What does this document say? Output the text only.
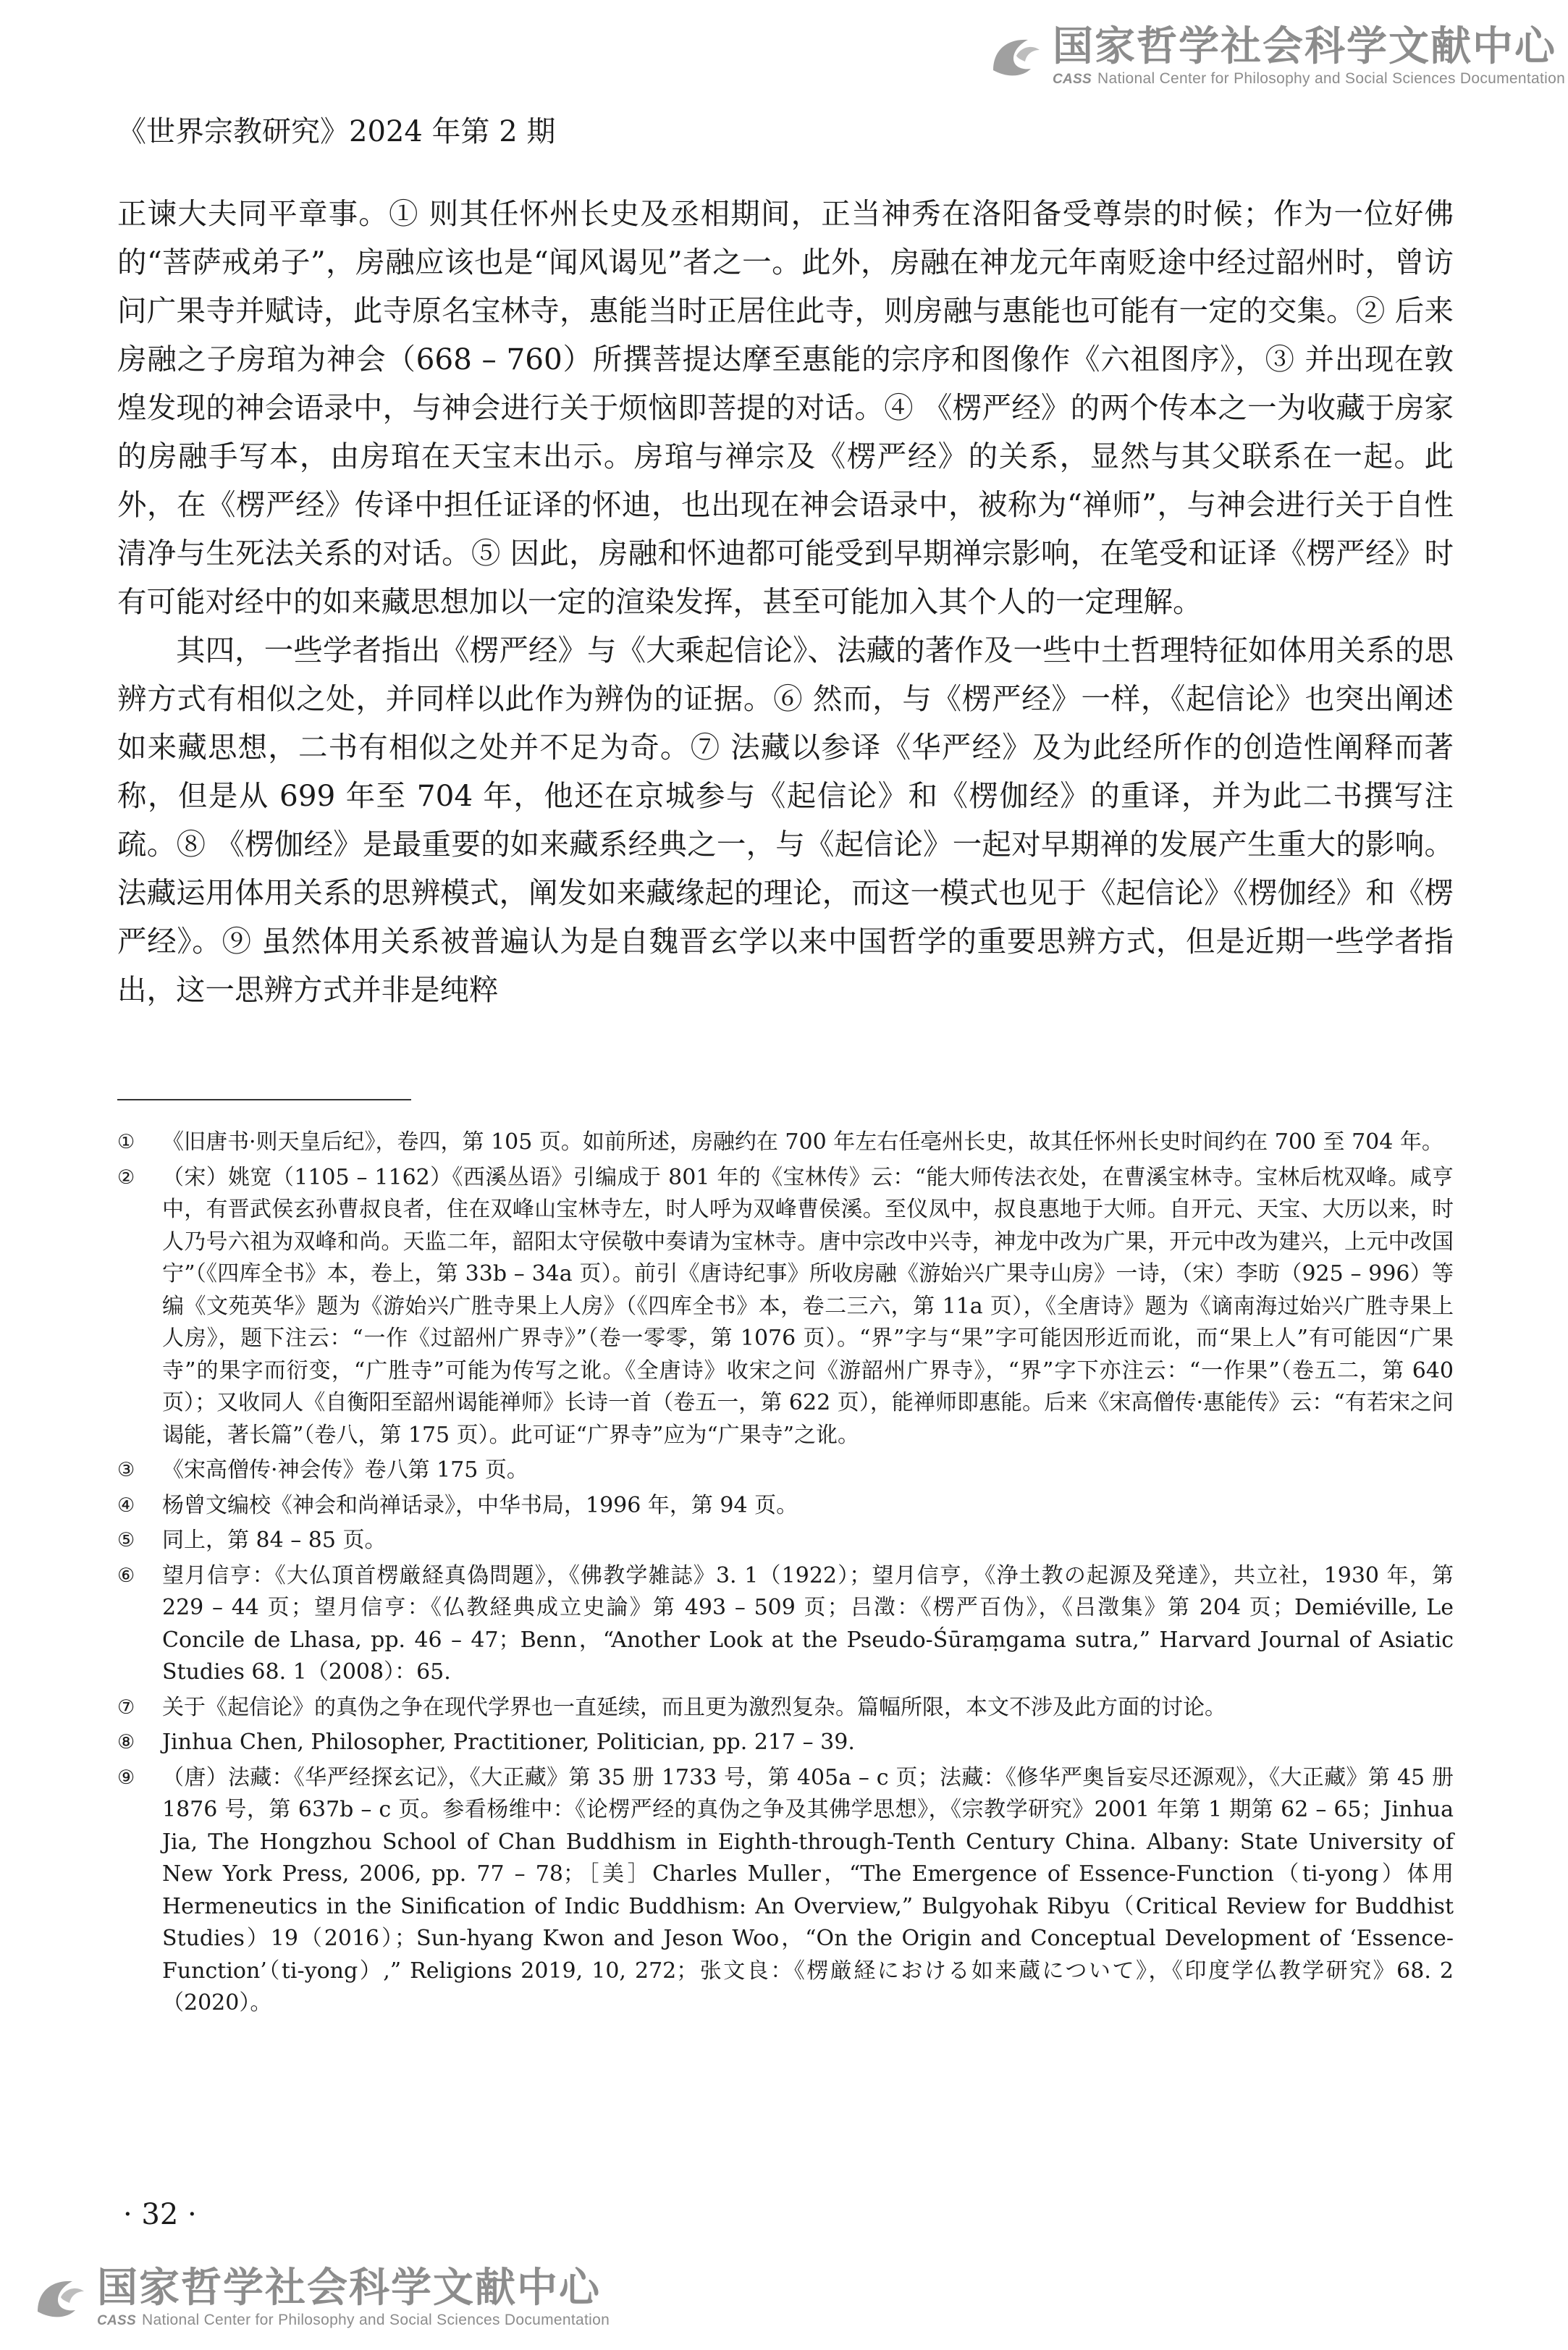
国家哲学社会科学文献中心
CASS National Center for Philosophy and Social Sciences Documentation
《世界宗教研究》2024 年第 2 期

正谏大夫同平章事。① 则其任怀州长史及丞相期间，正当神秀在洛阳备受尊崇的时候；作为一位好佛的“菩萨戒弟子”，房融应该也是“闻风谒见”者之一。此外，房融在神龙元年南贬途中经过韶州时，曾访问广果寺并赋诗，此寺原名宝林寺，惠能当时正居住此寺，则房融与惠能也可能有一定的交集。② 后来房融之子房琯为神会（668 – 760）所撰菩提达摩至惠能的宗序和图像作《六祖图序》，③ 并出现在敦煌发现的神会语录中，与神会进行关于烦恼即菩提的对话。④ 《楞严经》的两个传本之一为收藏于房家的房融手写本，由房琯在天宝末出示。房琯与禅宗及《楞严经》的关系，显然与其父联系在一起。此外，在《楞严经》传译中担任证译的怀迪，也出现在神会语录中，被称为“禅师”，与神会进行关于自性清净与生死法关系的对话。⑤ 因此，房融和怀迪都可能受到早期禅宗影响，在笔受和证译《楞严经》时有可能对经中的如来藏思想加以一定的渲染发挥，甚至可能加入其个人的一定理解。

其四，一些学者指出《楞严经》与《大乘起信论》、法藏的著作及一些中土哲理特征如体用关系的思辨方式有相似之处，并同样以此作为辨伪的证据。⑥ 然而，与《楞严经》一样，《起信论》也突出阐述如来藏思想，二书有相似之处并不足为奇。⑦ 法藏以参译《华严经》及为此经所作的创造性阐释而著称，但是从 699 年至 704 年，他还在京城参与《起信论》和《楞伽经》的重译，并为此二书撰写注疏。⑧ 《楞伽经》是最重要的如来藏系经典之一，与《起信论》一起对早期禅的发展产生重大的影响。法藏运用体用关系的思辨模式，阐发如来藏缘起的理论，而这一模式也见于《起信论》《楞伽经》和《楞严经》。⑨ 虽然体用关系被普遍认为是自魏晋玄学以来中国哲学的重要思辨方式，但是近期一些学者指出，这一思辨方式并非是纯粹

①	《旧唐书·则天皇后纪》，卷四，第 105 页。如前所述，房融约在 700 年左右任亳州长史，故其任怀州长史时间约在 700 至 704 年。
②	（宋）姚宽（1105 – 1162）《西溪丛语》引编成于 801 年的《宝林传》云：“能大师传法衣处，在曹溪宝林寺。宝林后枕双峰。咸亨中，有晋武侯玄孙曹叔良者，住在双峰山宝林寺左，时人呼为双峰曹侯溪。至仪凤中，叔良惠地于大师。自开元、天宝、大历以来，时人乃号六祖为双峰和尚。天监二年，韶阳太守侯敬中奏请为宝林寺。唐中宗改中兴寺，神龙中改为广果，开元中改为建兴，上元中改国宁”（《四库全书》本，卷上，第 33b – 34a 页）。前引《唐诗纪事》所收房融《游始兴广果寺山房》一诗，（宋）李昉（925 – 996）等编《文苑英华》题为《游始兴广胜寺果上人房》（《四库全书》本，卷二三六，第 11a 页），《全唐诗》题为《谪南海过始兴广胜寺果上人房》，题下注云：“一作《过韶州广界寺》”（卷一零零，第 1076 页）。“界”字与“果”字可能因形近而讹，而“果上人”有可能因“广果寺”的果字而衍变，“广胜寺”可能为传写之讹。《全唐诗》收宋之问《游韶州广界寺》，“界”字下亦注云：“一作果”（卷五二，第 640 页）；又收同人《自衡阳至韶州谒能禅师》长诗一首（卷五一，第 622 页），能禅师即惠能。后来《宋高僧传·惠能传》云：“有若宋之问谒能，著长篇”（卷八，第 175 页）。此可证“广界寺”应为“广果寺”之讹。
③	《宋高僧传·神会传》卷八第 175 页。
④	杨曾文编校《神会和尚禅话录》，中华书局，1996 年，第 94 页。
⑤	同上，第 84 – 85 页。
⑥	望月信亨：《大仏頂首楞厳経真偽問題》，《佛教学雑誌》3. 1（1922）；望月信亨，《浄土教の起源及発達》，共立社，1930 年，第 229 – 44 页；望月信亨：《仏教経典成立史論》第 493 – 509 页；吕澂：《楞严百伪》，《吕澂集》第 204 页；Demiéville, Le Concile de Lhasa, pp. 46 – 47；Benn，“Another Look at the Pseudo-Śūraṃgama sutra,” Harvard Journal of Asiatic Studies 68. 1（2008）：65.
⑦	关于《起信论》的真伪之争在现代学界也一直延续，而且更为激烈复杂。篇幅所限，本文不涉及此方面的讨论。
⑧	Jinhua Chen, Philosopher, Practitioner, Politician, pp. 217 – 39.
⑨	（唐）法藏：《华严经探玄记》，《大正藏》第 35 册 1733 号，第 405a – c 页；法藏：《修华严奥旨妄尽还源观》，《大正藏》第 45 册 1876 号，第 637b – c 页。参看杨维中：《论楞严经的真伪之争及其佛学思想》，《宗教学研究》2001 年第 1 期第 62 – 65；Jinhua Jia, The Hongzhou School of Chan Buddhism in Eighth-through-Tenth Century China. Albany: State University of New York Press, 2006, pp. 77 – 78；［美］Charles Muller，“The Emergence of Essence-Function（ti-yong）体用 Hermeneutics in the Sinification of Indic Buddhism: An Overview,” Bulgyohak Ribyu（Critical Review for Buddhist Studies）19（2016）；Sun-hyang Kwon and Jeson Woo，“On the Origin and Conceptual Development of ‘Essence-Function’（ti-yong）,” Religions 2019, 10, 272；张文良：《楞厳経における如来蔵について》，《印度学仏教学研究》68. 2（2020）。
· 32 ·
国家哲学社会科学文献中心
CASS National Center for Philosophy and Social Sciences Documentation
